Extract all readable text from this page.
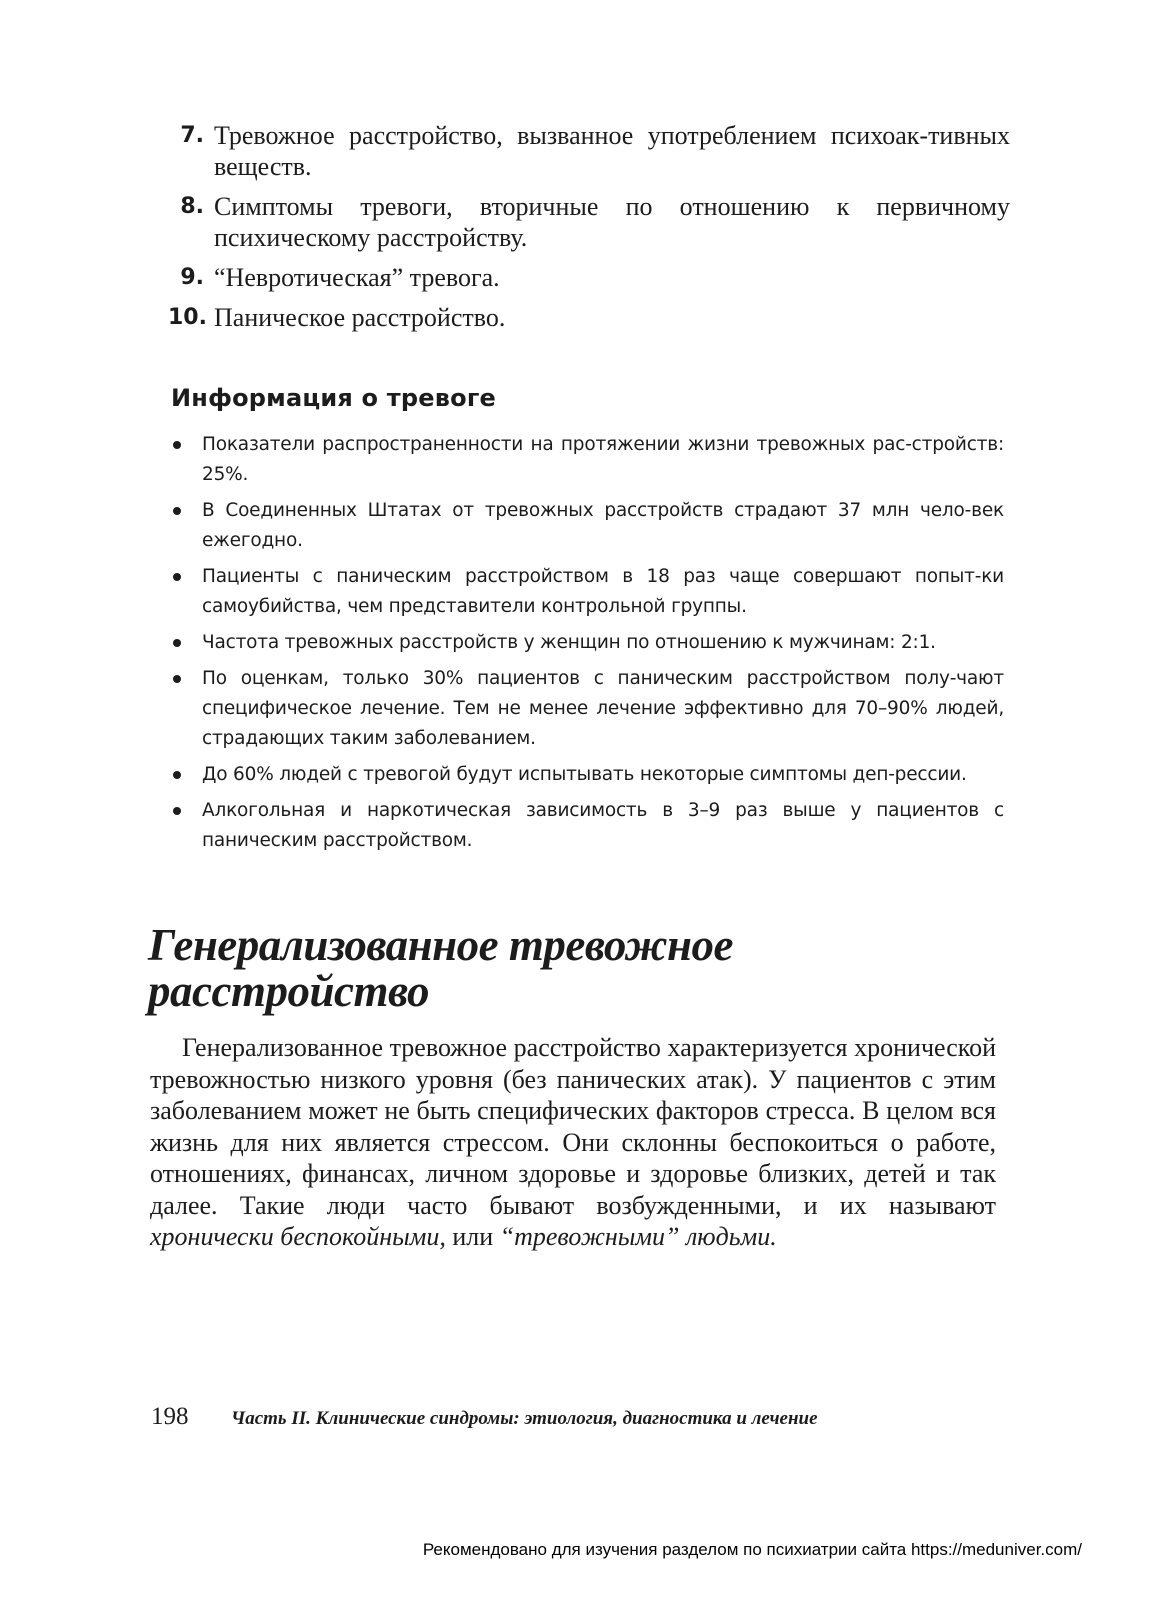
7. Тревожное расстройство, вызванное употреблением психоак-тивных веществ.
8. Симптомы тревоги, вторичные по отношению к первичному психическому расстройству.
9. “Невротическая” тревога.
10. Паническое расстройство.
Информация о тревоге
Показатели распространенности на протяжении жизни тревожных рас-стройств: 25%.
В Соединенных Штатах от тревожных расстройств страдают 37 млн чело-век ежегодно.
Пациенты с паническим расстройством в 18 раз чаще совершают попыт-ки самоубийства, чем представители контрольной группы.
Частота тревожных расстройств у женщин по отношению к мужчинам: 2:1.
По оценкам, только 30% пациентов с паническим расстройством полу-чают специфическое лечение. Тем не менее лечение эффективно для 70–90% людей, страдающих таким заболеванием.
До 60% людей с тревогой будут испытывать некоторые симптомы деп-рессии.
Алкогольная и наркотическая зависимость в 3–9 раз выше у пациентов с паническим расстройством.
Генерализованное тревожное расстройство

Генерализованное тревожное расстройство характеризуется хронической тревожностью низкого уровня (без панических атак). У пациентов с этим заболеванием может не быть специфических факторов стресса. В целом вся жизнь для них является стрессом. Они склонны беспокоиться о работе, отношениях, финансах, личном здоровье и здоровье близких, детей и так далее. Такие люди часто бывают возбужденными, и их называют хронически беспокойными, или “тревожными” людьми.

198 Часть II. Клинические синдромы: этиология, диагностика и лечение
Рекомендовано для изучения разделом по психиатрии сайта https://meduniver.com/
